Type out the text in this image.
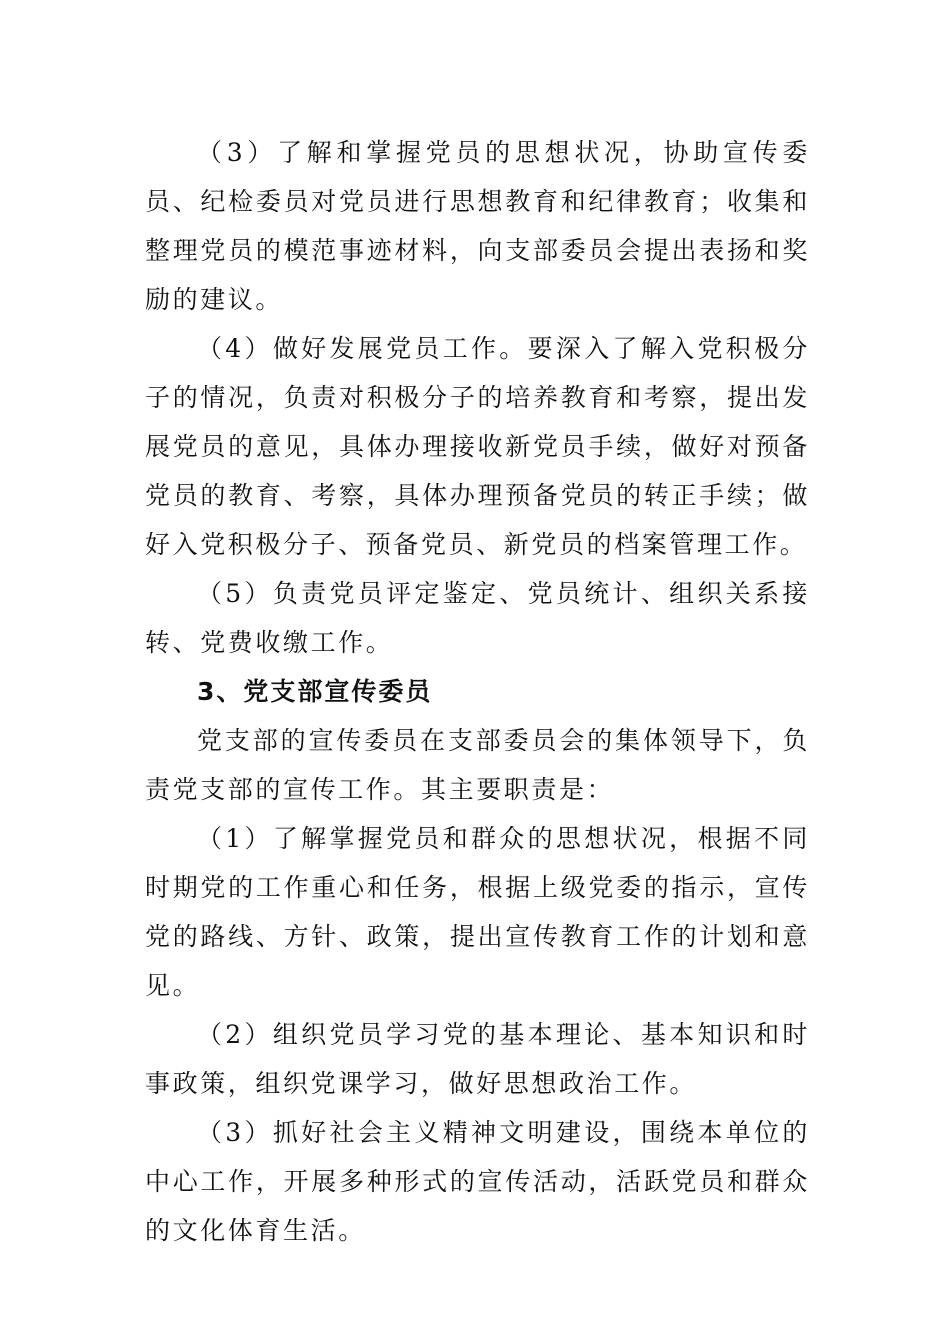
（3）了解和掌握党员的思想状况，协助宣传委员、纪检委员对党员进行思想教育和纪律教育；收集和整理党员的模范事迹材料，向支部委员会提出表扬和奖励的建议。

（4）做好发展党员工作。要深入了解入党积极分子的情况，负责对积极分子的培养教育和考察，提出发展党员的意见，具体办理接收新党员手续，做好对预备党员的教育、考察，具体办理预备党员的转正手续；做好入党积极分子、预备党员、新党员的档案管理工作。

（5）负责党员评定鉴定、党员统计、组织关系接转、党费收缴工作。

3、党支部宣传委员

党支部的宣传委员在支部委员会的集体领导下，负责党支部的宣传工作。其主要职责是：

（1）了解掌握党员和群众的思想状况，根据不同时期党的工作重心和任务，根据上级党委的指示，宣传党的路线、方针、政策，提出宣传教育工作的计划和意见。

（2）组织党员学习党的基本理论、基本知识和时事政策，组织党课学习，做好思想政治工作。

（3）抓好社会主义精神文明建设，围绕本单位的中心工作，开展多种形式的宣传活动，活跃党员和群众的文化体育生活。
